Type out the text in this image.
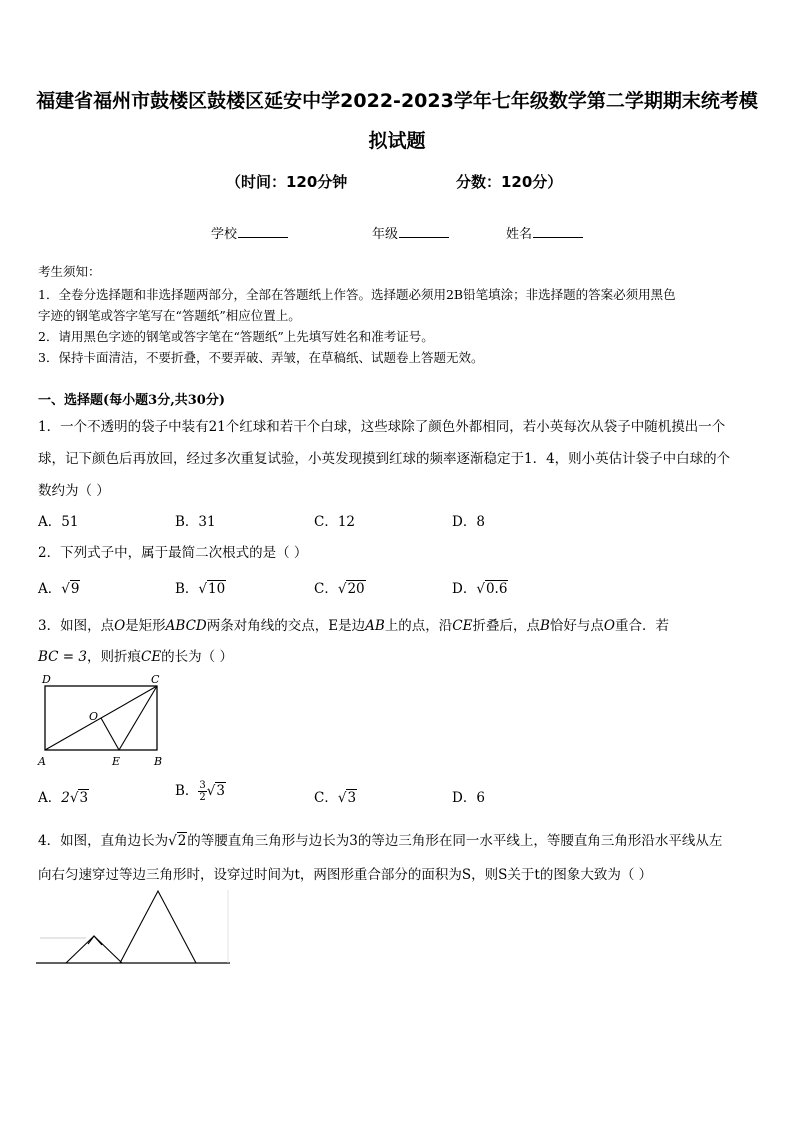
福建省福州市鼓楼区鼓楼区延安中学2022-2023学年七年级数学第二学期期末统考模
拟试题
（时间：120分钟	分数：120分）
学校	年级	姓名
考生须知：
1．全卷分选择题和非选择题两部分，全部在答题纸上作答。选择题必须用2B铅笔填涂；非选择题的答案必须用黑色
字迹的钢笔或答字笔写在“答题纸”相应位置上。
2．请用黑色字迹的钢笔或答字笔在“答题纸”上先填写姓名和准考证号。
3．保持卡面清洁，不要折叠，不要弄破、弄皱，在草稿纸、试题卷上答题无效。
一、选择题(每小题3分,共30分)
1．一个不透明的袋子中装有21个红球和若干个白球，这些球除了颜色外都相同，若小英每次从袋子中随机摸出一个
球，记下颜色后再放回，经过多次重复试验，小英发现摸到红球的频率逐渐稳定于1．4，则小英估计袋子中白球的个
数约为（ ）
A．51	B．31	C．12	D．8
2．下列式子中，属于最简二次根式的是（ ）
A．√9	B．√10	C．√20	D．√0.6
3．如图，点O是矩形ABCD两条对角线的交点，E是边AB上的点，沿CE折叠后，点B恰好与点O重合．若
BC = 3，则折痕CE的长为（ ）
D	C
O
A	E	B
A．2√3	B． $\frac{3}{2} √3$	C．√3	D．6
4．如图，直角边长为√2的等腰直角三角形与边长为3的等边三角形在同一水平线上，等腰直角三角形沿水平线从左
向右匀速穿过等边三角形时，设穿过时间为t，两图形重合部分的面积为S，则S关于t的图象大致为（ ）
